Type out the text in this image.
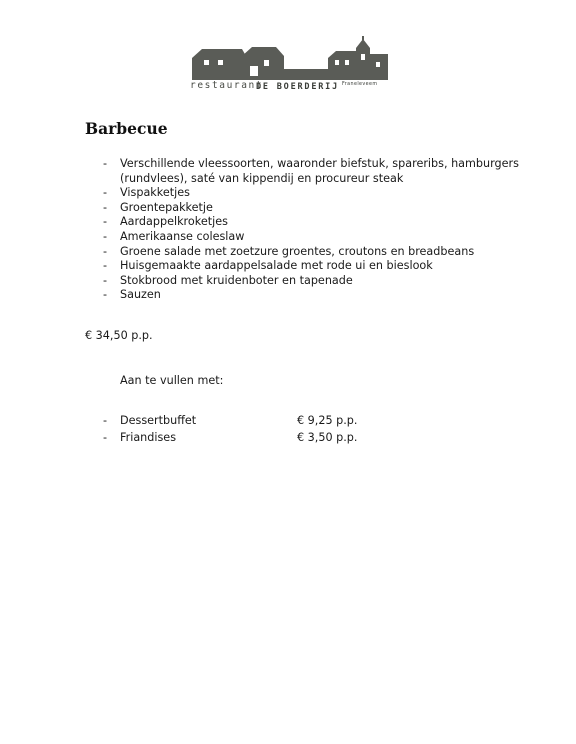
restaurant
DE BOERDERIJ Franeleveem
Barbecue
- Verschillende vleessoorten, waaronder biefstuk, spareribs, hamburgers (rundvlees), saté van kippendij en procureur steak
- Vispakketjes
- Groentepakketje
- Aardappelkroketjes
- Amerikaanse coleslaw
- Groene salade met zoetzure groentes, croutons en breadbeans
- Huisgemaakte aardappelsalade met rode ui en bieslook
- Stokbrood met kruidenboter en tapenade
- Sauzen
€ 34,50 p.p.
Aan te vullen met:
- Dessertbuffet	€ 9,25 p.p.
- Friandises	€ 3,50 p.p.
